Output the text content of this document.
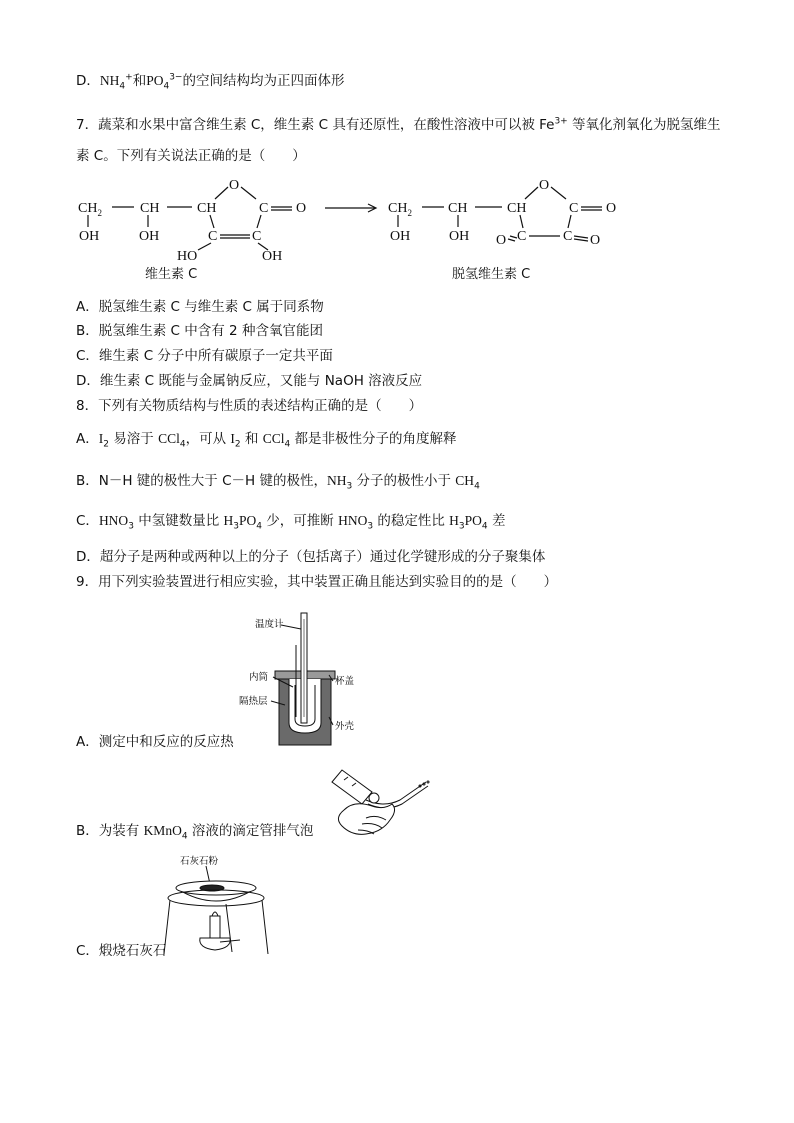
D．$NH_4^+$和$PO_4^{3-}$的空间结构均为正四面体形
7．蔬菜和水果中富含维生素 C，维生素 C 具有还原性，在酸性溶液中可以被 $Fe^{3+}$ 等氧化剂氧化为脱氢维生
素 C。下列有关说法正确的是（　　）
$CH_2$	CH	CH
O
C O
C C
OH	OH
HO	OH
维生素 C
$CH_2$	CH	CH
O
C O
C	C
OH	OH O	O
脱氢维生素 C
A．脱氢维生素 C 与维生素 C 属于同系物
B．脱氢维生素 C 中含有 2 种含氧官能团
C．维生素 C 分子中所有碳原子一定共平面
D．维生素 C 既能与金属钠反应，又能与 NaOH 溶液反应
8．下列有关物质结构与性质的表述结构正确的是（　　）
A．$I_2$ 易溶于 CCl$_4$，可从 $I_2$ 和 CCl$_4$ 都是非极性分子的角度解释
B．N－H 键的极性大于 C－H 键的极性，$NH_3$ 分子的极性小于 $CH_4$
C．$HNO_3$ 中氢键数量比 $H_3PO_4$ 少，可推断 $HNO_3$ 的稳定性比 $H_3PO_4$ 差
D．超分子是两种或两种以上的分子（包括离子）通过化学键形成的分子聚集体
9．用下列实验装置进行相应实验，其中装置正确且能达到实验目的的是（　　）
温度计
内筒	杯盖
隔热层
外壳
A．测定中和反应的反应热
B．为装有 KMnO$_4$ 溶液的滴定管排气泡
石灰石粉
C．煅烧石灰石
